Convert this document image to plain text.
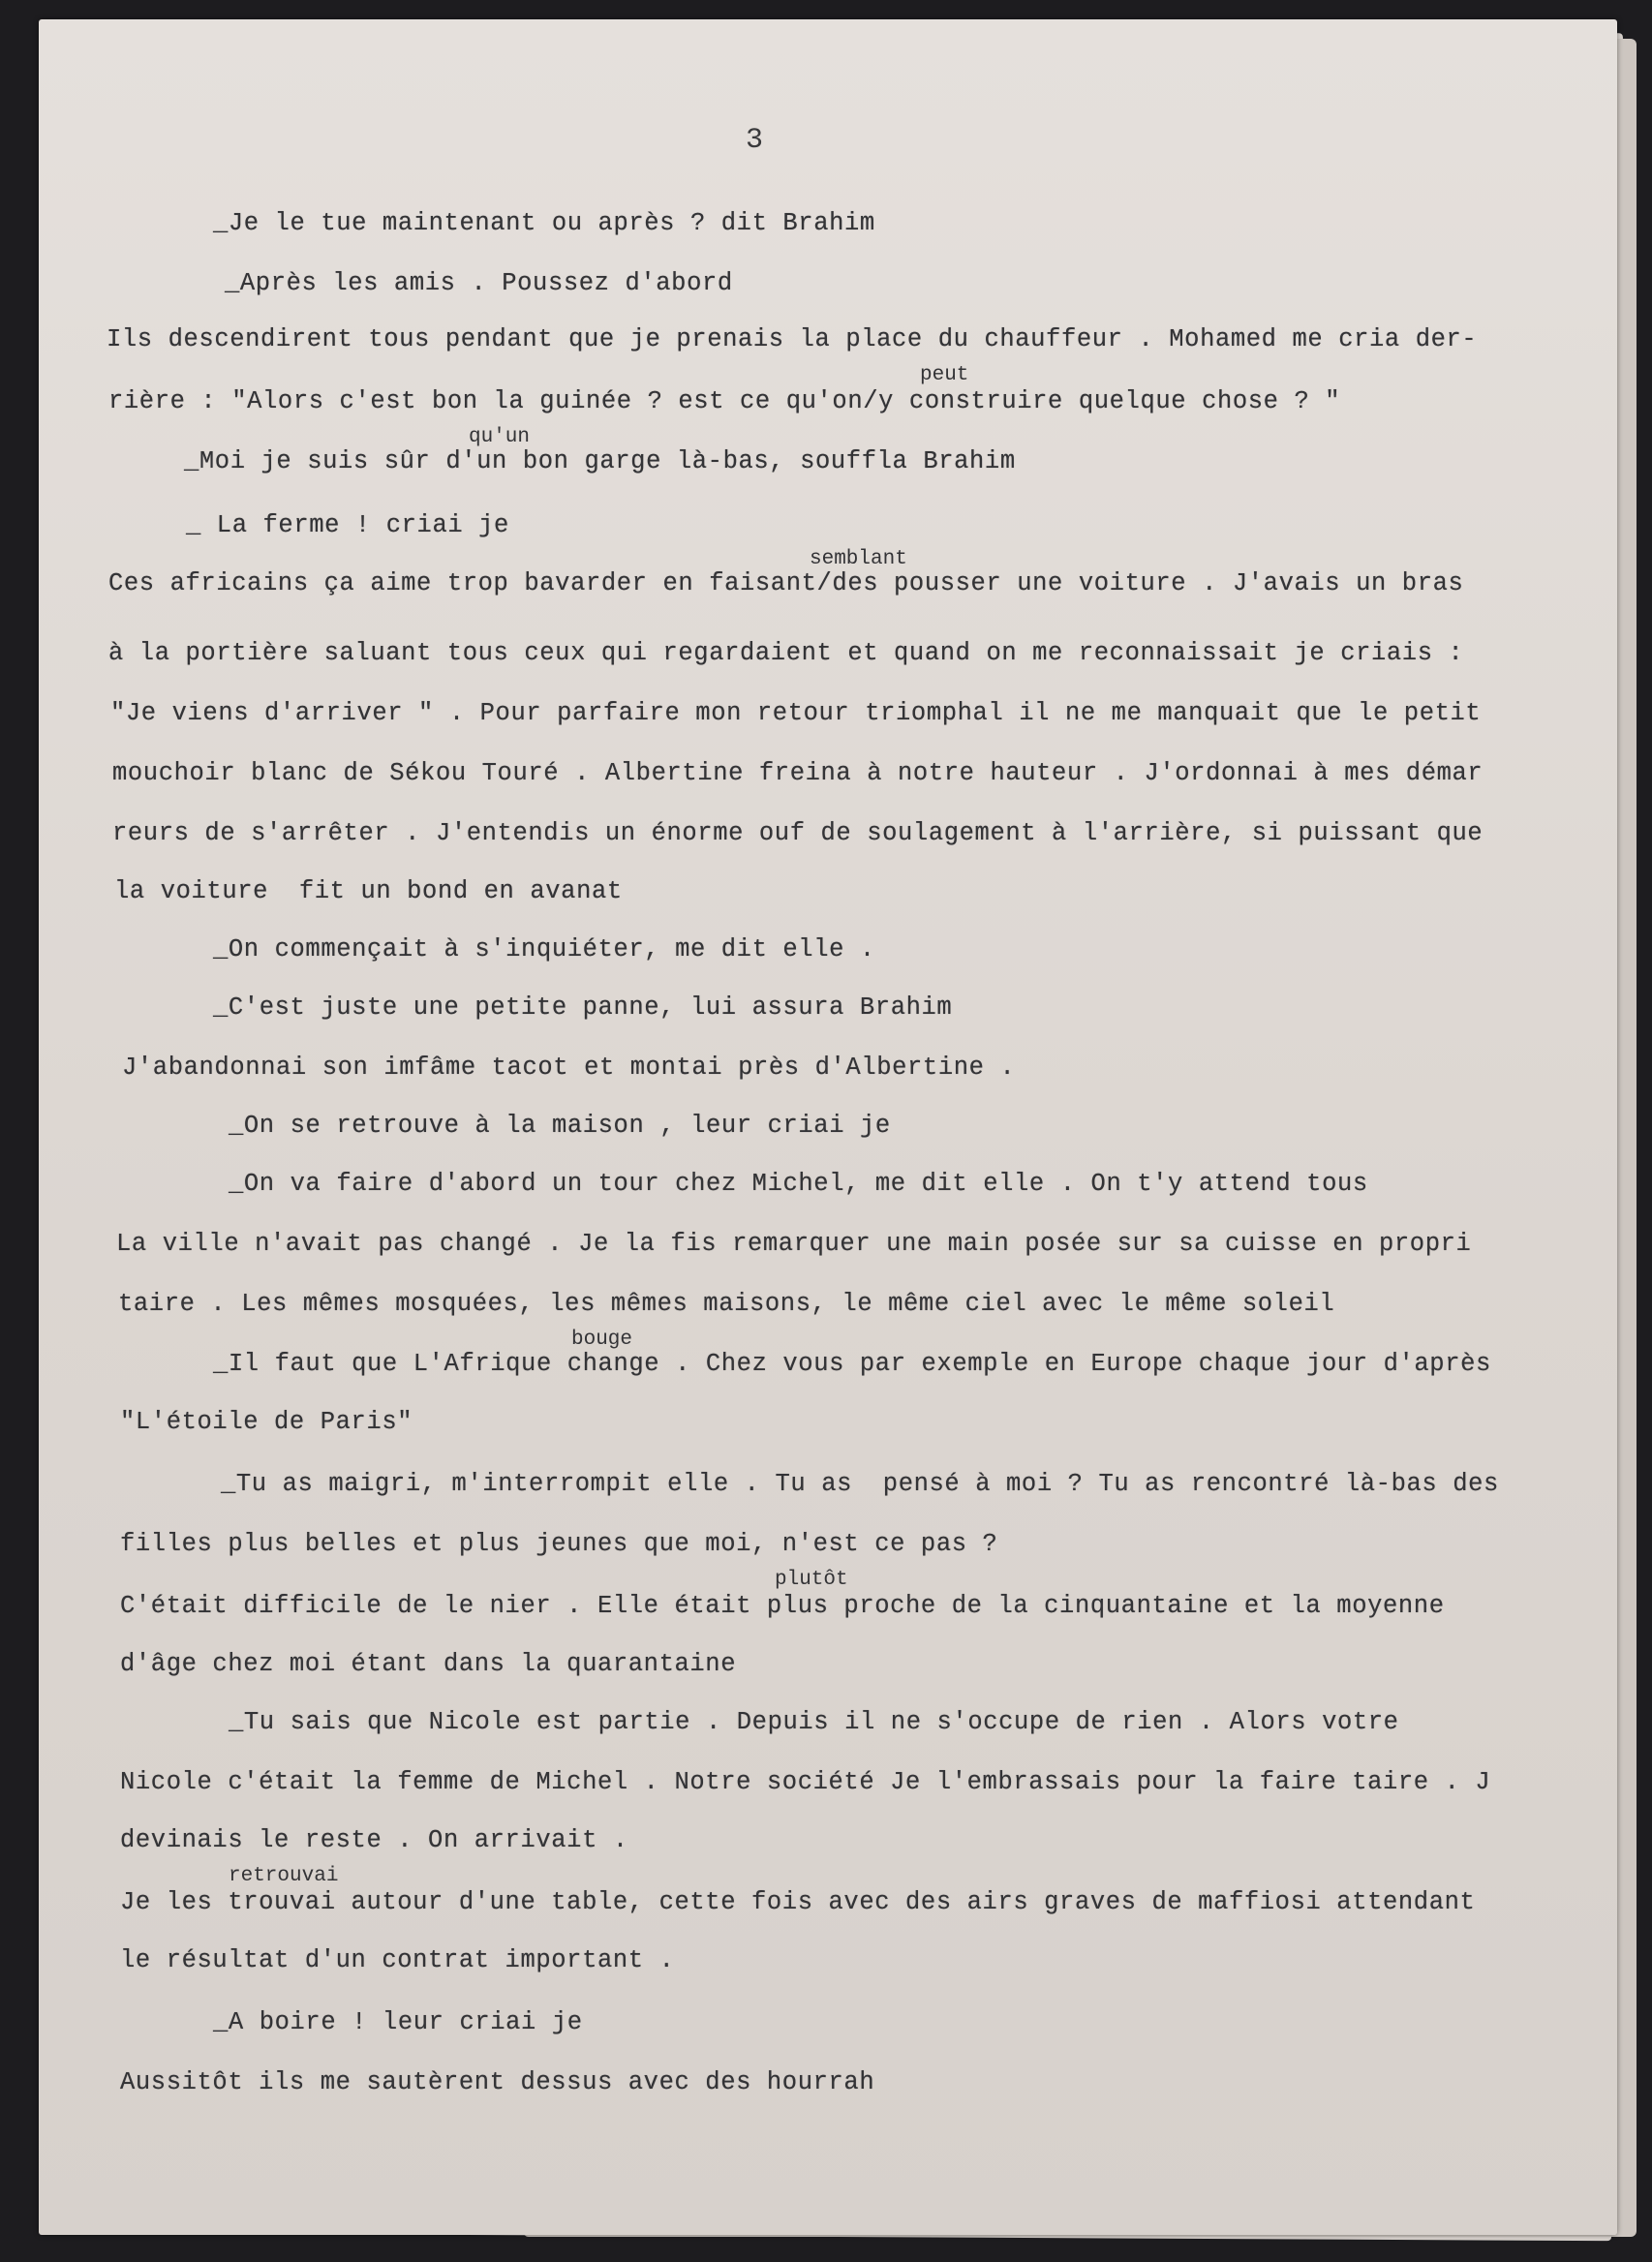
3

_Je le tue maintenant ou après ? dit Brahim

_Après les amis . Poussez d'abord

Ils descendirent tous pendant que je prenais la place du chauffeur . Mohamed me cria der-

rière : "Alors c'est bon la guinée ? est ce qu'on/y construire quelque chose ? "

_Moi je suis sûr d'un bon garge là-bas, souffla Brahim

_ La ferme ! criai je

Ces africains ça aime trop bavarder en faisant/des pousser une voiture . J'avais un bras

à la portière saluant tous ceux qui regardaient et quand on me reconnaissait je criais :

"Je viens d'arriver " . Pour parfaire mon retour triomphal il ne me manquait que le petit

mouchoir blanc de Sékou Touré . Albertine freina à notre hauteur . J'ordonnai à mes démar

reurs de s'arrêter . J'entendis un énorme ouf de soulagement à l'arrière, si puissant que

la voiture  fit un bond en avanat

_On commençait à s'inquiéter, me dit elle .

_C'est juste une petite panne, lui assura Brahim

J'abandonnai son imfâme tacot et montai près d'Albertine .

_On se retrouve à la maison , leur criai je

_On va faire d'abord un tour chez Michel, me dit elle . On t'y attend tous

La ville n'avait pas changé . Je la fis remarquer une main posée sur sa cuisse en propri

taire . Les mêmes mosquées, les mêmes maisons, le même ciel avec le même soleil

_Il faut que L'Afrique change . Chez vous par exemple en Europe chaque jour d'après

"L'étoile de Paris"

_Tu as maigri, m'interrompit elle . Tu as  pensé à moi ? Tu as rencontré là-bas des

filles plus belles et plus jeunes que moi, n'est ce pas ?

C'était difficile de le nier . Elle était plus proche de la cinquantaine et la moyenne

d'âge chez moi étant dans la quarantaine

_Tu sais que Nicole est partie . Depuis il ne s'occupe de rien . Alors votre

Nicole c'était la femme de Michel . Notre société Je l'embrassais pour la faire taire . J

devinais le reste . On arrivait .

Je les trouvai autour d'une table, cette fois avec des airs graves de maffiosi attendant

le résultat d'un contrat important .

_A boire ! leur criai je

Aussitôt ils me sautèrent dessus avec des hourrah

peut
qu'un
semblant
bouge
plutôt
retrouvai
